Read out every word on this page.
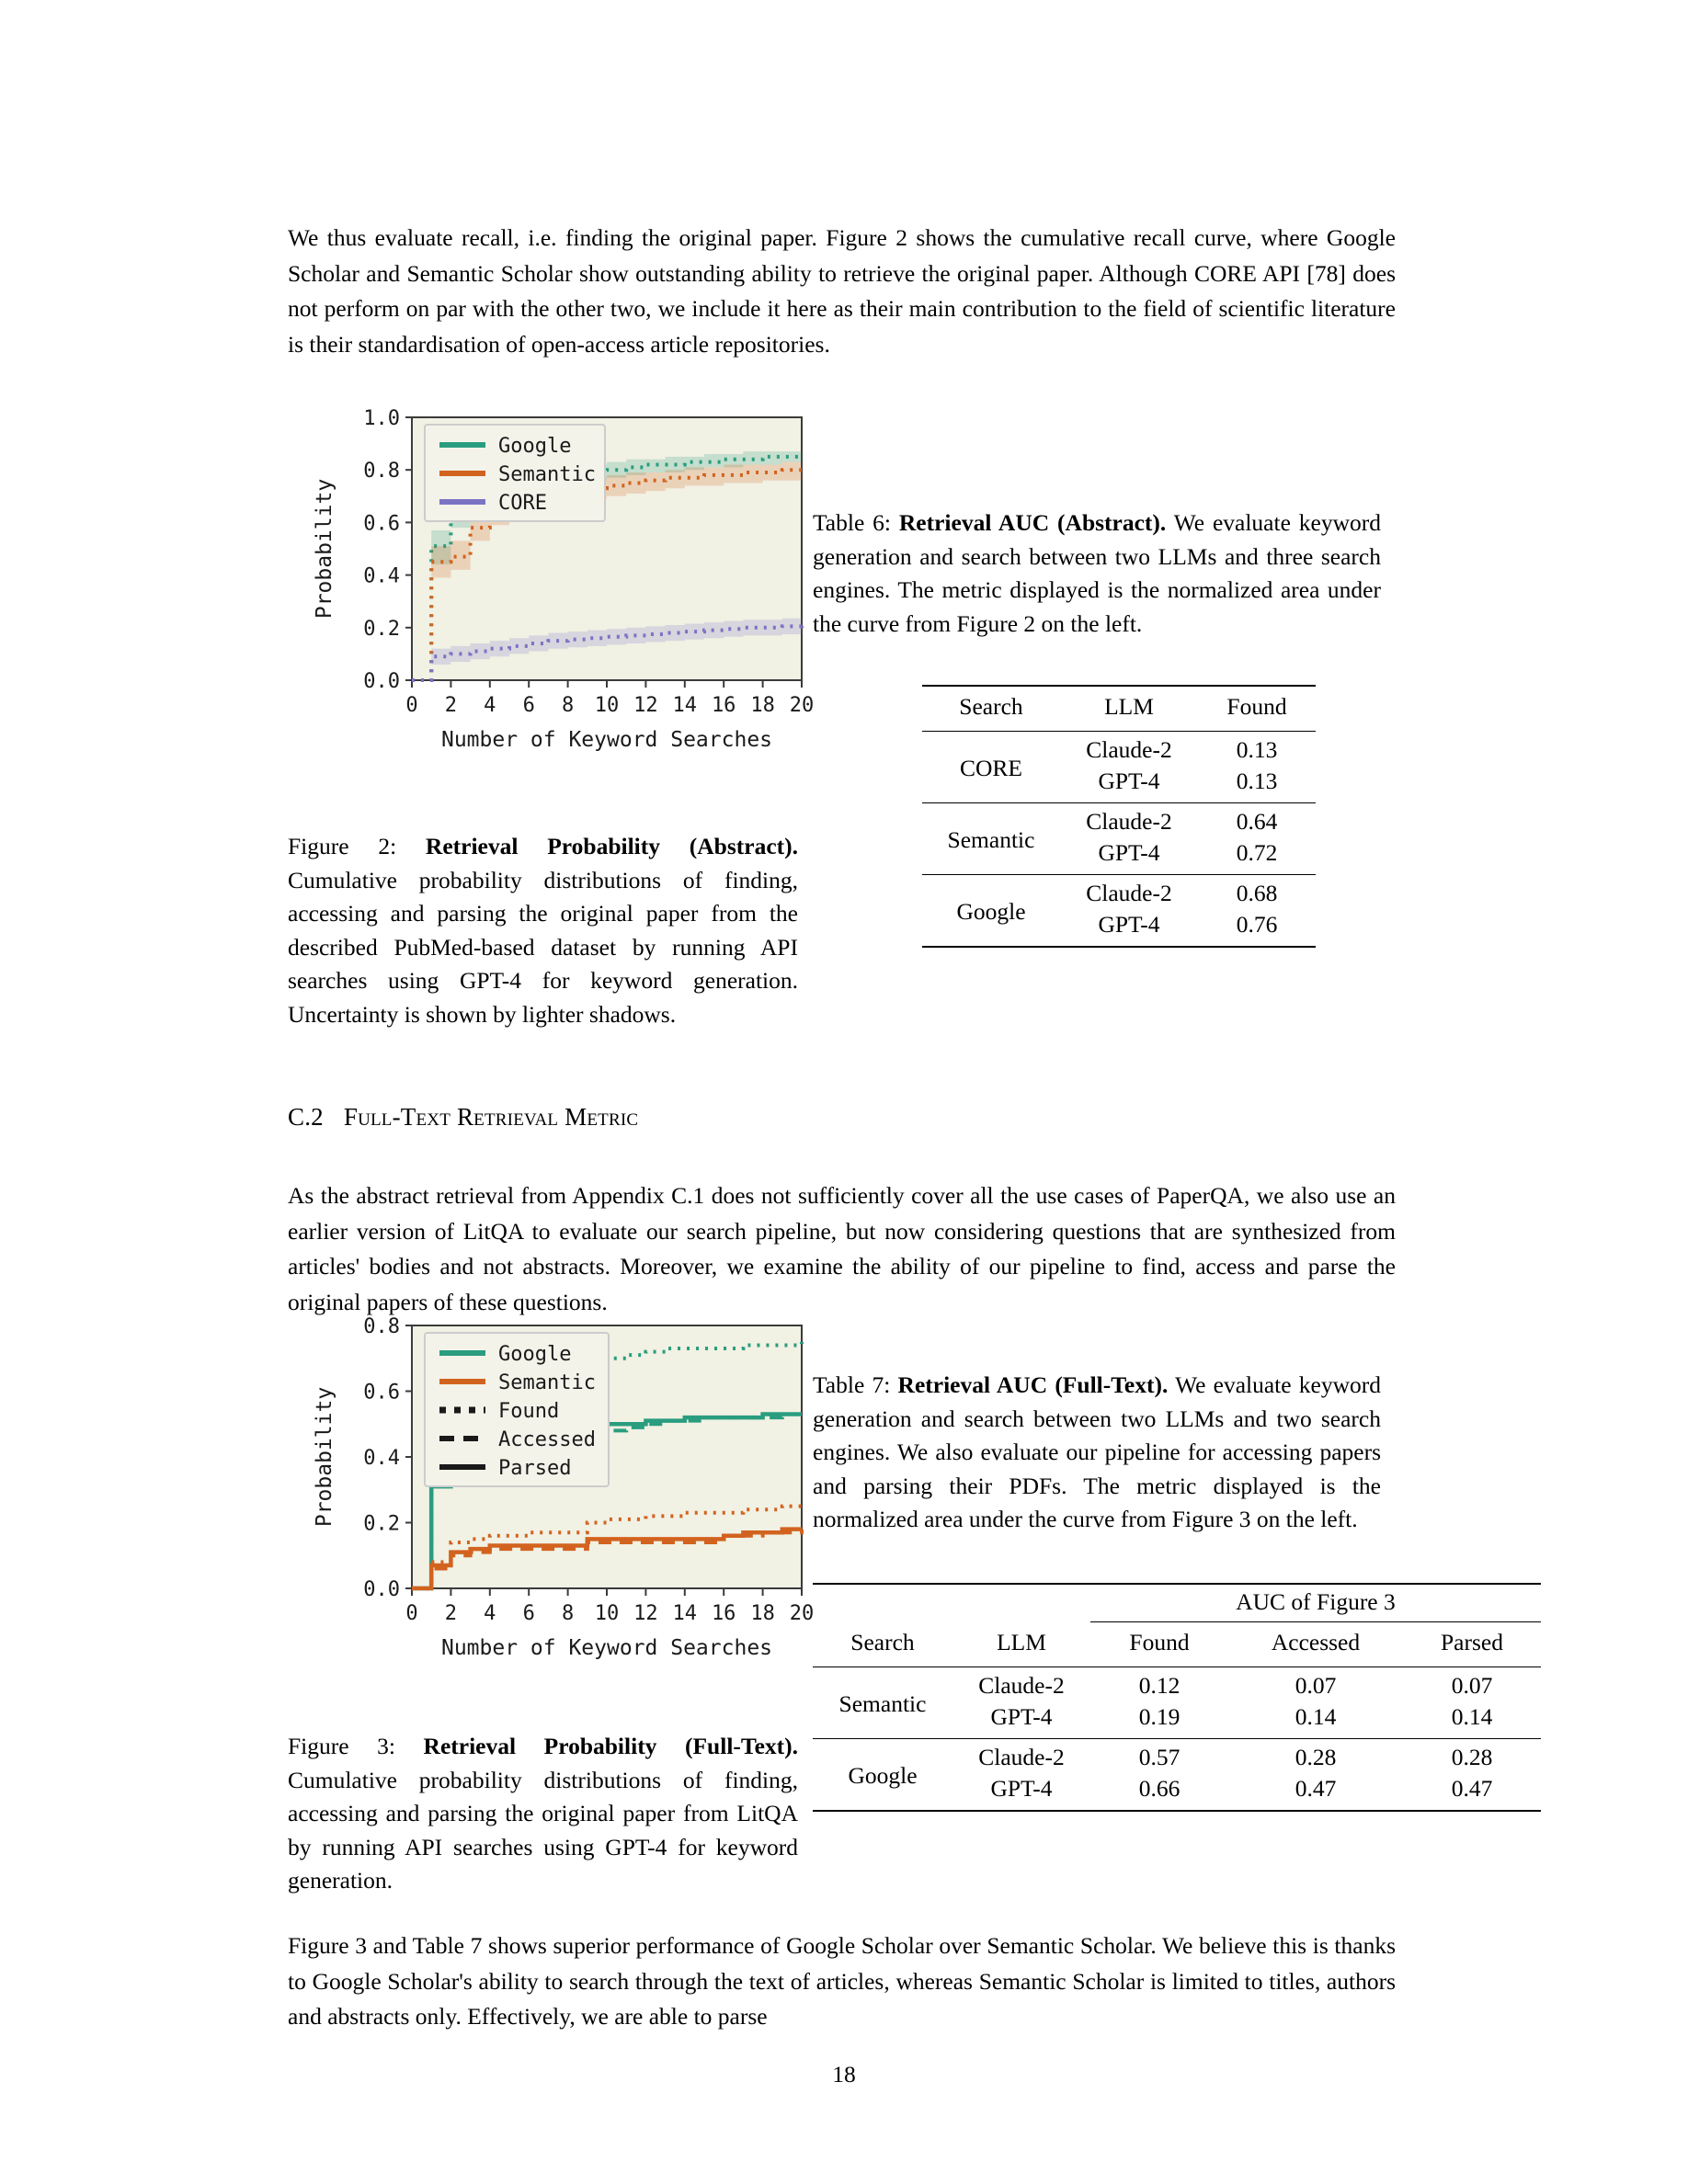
We thus evaluate recall, i.e. finding the original paper. Figure 2 shows the cumulative recall curve, where Google Scholar and Semantic Scholar show outstanding ability to retrieve the original paper. Although CORE API [78] does not perform on par with the other two, we include it here as their main contribution to the field of scientific literature is their standardisation of open-access article repositories.

0.0
0.2
0.4
0.6
0.8
1.0
0 2 4 6 8 10 12 14 16 18 20
Number of Keyword Searches
Probability
Google
Semantic
CORE
Figure 2: Retrieval Probability (Abstract). Cumulative probability distributions of finding, accessing and parsing the original paper from the described PubMed-based dataset by running API searches using GPT-4 for keyword generation. Uncertainty is shown by lighter shadows.
Table 6: Retrieval AUC (Abstract). We evaluate keyword generation and search between two LLMs and three search engines. The metric displayed is the normalized area under the curve from Figure 2 on the left.
Search	LLM	Found
CORE	Claude-2	0.13
	GPT-4	0.13
Semantic	Claude-2	0.64
	GPT-4	0.72
Google	Claude-2	0.68
	GPT-4	0.76
C.2 Full-Text Retrieval Metric

As the abstract retrieval from Appendix C.1 does not sufficiently cover all the use cases of PaperQA, we also use an earlier version of LitQA to evaluate our search pipeline, but now considering questions that are synthesized from articles' bodies and not abstracts. Moreover, we examine the ability of our pipeline to find, access and parse the original papers of these questions.

0.0
0.2
0.4
0.6
0.8
0 2 4 6 8 10 12 14 16 18 20
Number of Keyword Searches
Probability
Google
Semantic
Found
Accessed
Parsed
Figure 3: Retrieval Probability (Full-Text). Cumulative probability distributions of finding, accessing and parsing the original paper from LitQA by running API searches using GPT-4 for keyword generation.
Table 7: Retrieval AUC (Full-Text). We evaluate keyword generation and search between two LLMs and two search engines. We also evaluate our pipeline for accessing papers and parsing their PDFs. The metric displayed is the normalized area under the curve from Figure 3 on the left.
		AUC of Figure 3		
Search	LLM	Found	Accessed	Parsed
Semantic	Claude-2	0.12	0.07	0.07
	GPT-4	0.19	0.14	0.14
Google	Claude-2	0.57	0.28	0.28
	GPT-4	0.66	0.47	0.47

Figure 3 and Table 7 shows superior performance of Google Scholar over Semantic Scholar. We believe this is thanks to Google Scholar's ability to search through the text of articles, whereas Semantic Scholar is limited to titles, authors and abstracts only. Effectively, we are able to parse

18
